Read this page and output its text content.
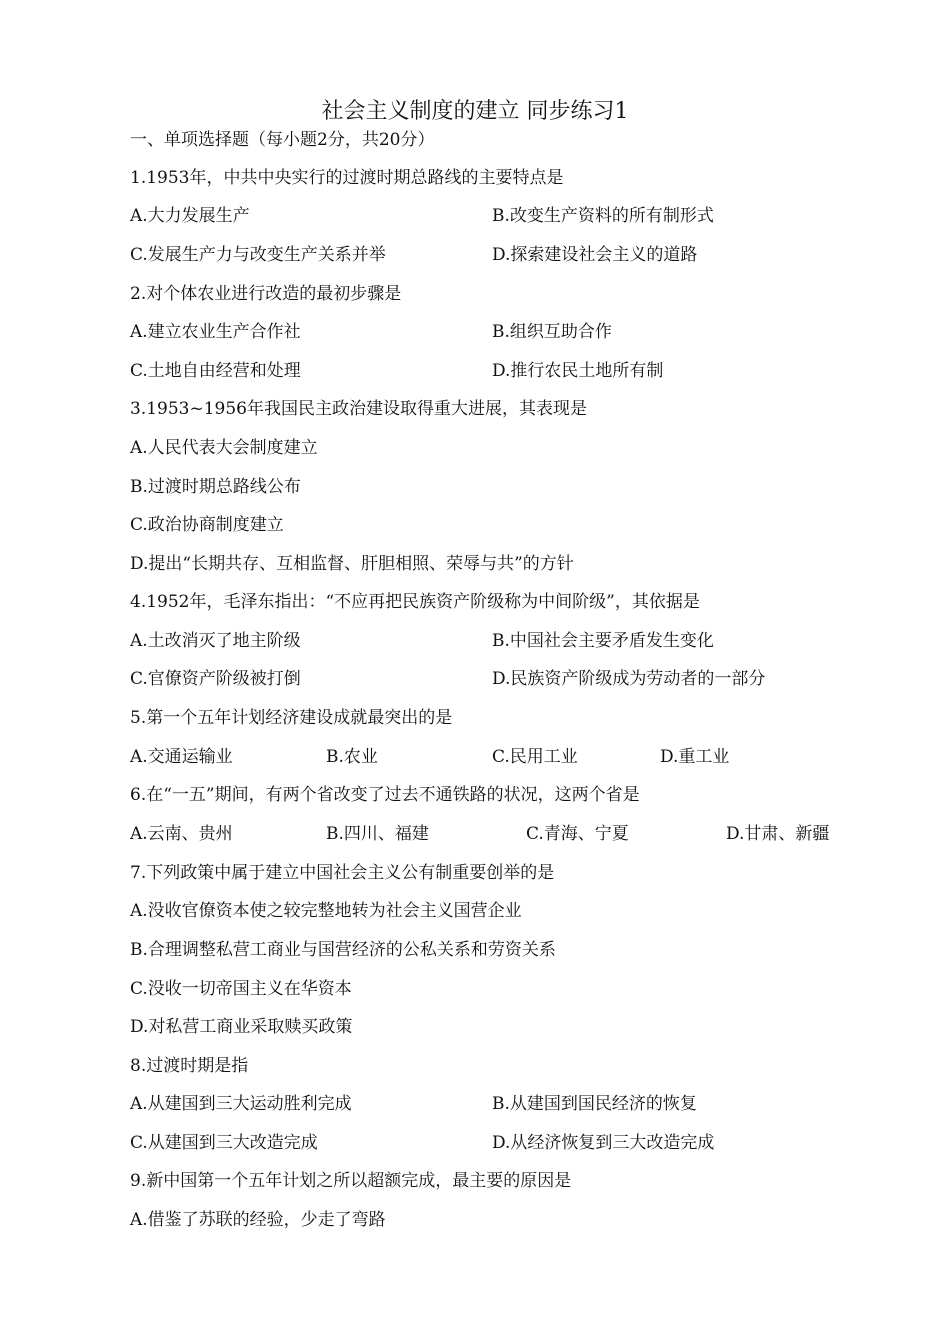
社会主义制度的建立 同步练习1
一、单项选择题（每小题2分，共20分）
1.1953年，中共中央实行的过渡时期总路线的主要特点是
A.大力发展生产	B.改变生产资料的所有制形式
C.发展生产力与改变生产关系并举	D.探索建设社会主义的道路
2.对个体农业进行改造的最初步骤是
A.建立农业生产合作社	B.组织互助合作
C.土地自由经营和处理	D.推行农民土地所有制
3.1953~1956年我国民主政治建设取得重大进展，其表现是
A.人民代表大会制度建立
B.过渡时期总路线公布
C.政治协商制度建立
D.提出“长期共存、互相监督、肝胆相照、荣辱与共”的方针
4.1952年，毛泽东指出：“不应再把民族资产阶级称为中间阶级”，其依据是
A.土改消灭了地主阶级	B.中国社会主要矛盾发生变化
C.官僚资产阶级被打倒	D.民族资产阶级成为劳动者的一部分
5.第一个五年计划经济建设成就最突出的是
A.交通运输业	B.农业	C.民用工业	D.重工业
6.在“一五”期间，有两个省改变了过去不通铁路的状况，这两个省是
A.云南、贵州	B.四川、福建	C.青海、宁夏	D.甘肃、新疆
7.下列政策中属于建立中国社会主义公有制重要创举的是
A.没收官僚资本使之较完整地转为社会主义国营企业
B.合理调整私营工商业与国营经济的公私关系和劳资关系
C.没收一切帝国主义在华资本
D.对私营工商业采取赎买政策
8.过渡时期是指
A.从建国到三大运动胜利完成	B.从建国到国民经济的恢复
C.从建国到三大改造完成	D.从经济恢复到三大改造完成
9.新中国第一个五年计划之所以超额完成，最主要的原因是
A.借鉴了苏联的经验，少走了弯路
